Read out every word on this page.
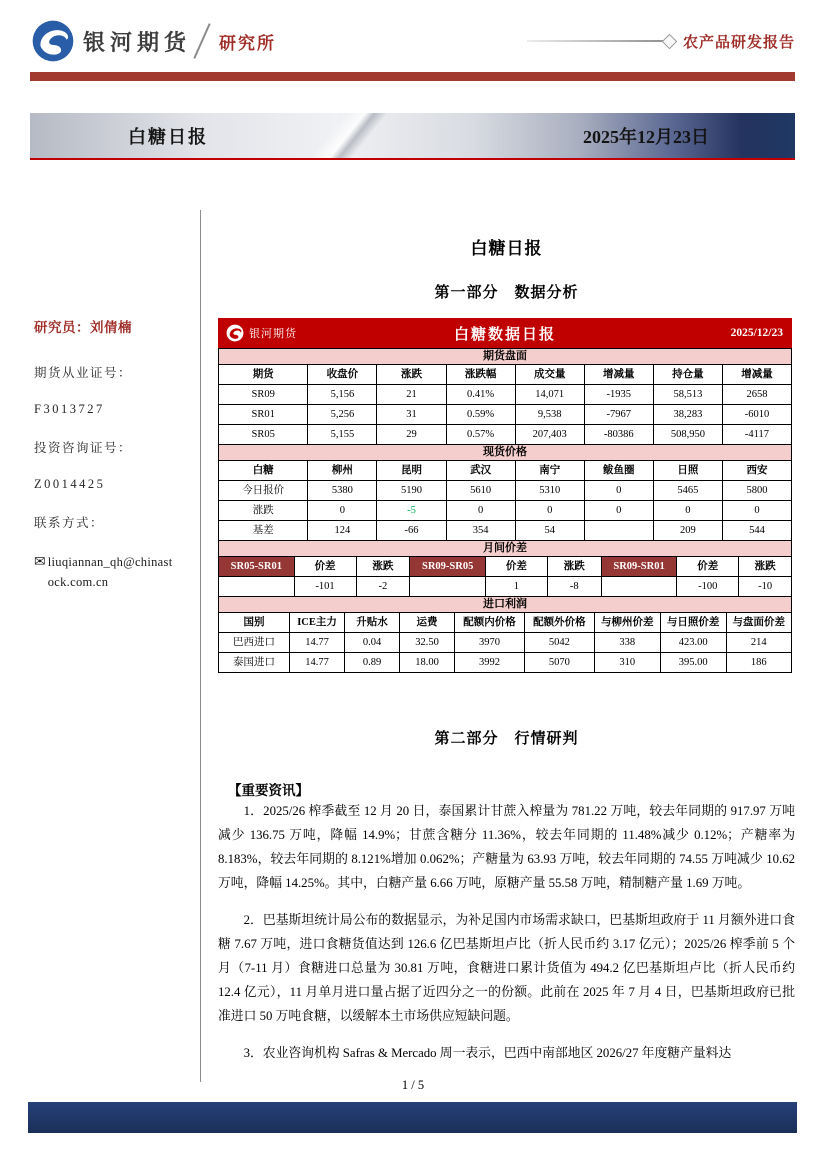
银河期货 研究所	农产品研发报告
白糖日报	2025年12月23日
研究员：刘倩楠
期货从业证号：
F3013727
投资咨询证号：
Z0014425
联系方式：
✉ liuqiannan_qh@chinastock.com.cn
白糖日报
第一部分　数据分析
银河期货	白糖数据日报	2025/12/23
期货盘面							
期货	收盘价	涨跌	涨跌幅	成交量	增减量	持仓量	增减量
SR09	5,156	21	0.41%	14,071	-1935	58,513	2658
SR01	5,256	31	0.59%	9,538	-7967	38,283	-6010
SR05	5,155	29	0.57%	207,403	-80386	508,950	-4117
现货价格							
白糖	柳州	昆明	武汉	南宁	鲅鱼圈	日照	西安
今日报价	5380	5190	5610	5310	0	5465	5800
涨跌	0	-5	0	0	0	0	0
基差	124	-66	354	54		209	544
月间价差								
SR05-SR01	价差	涨跌	SR09-SR05	价差	涨跌	SR09-SR01	价差	涨跌
	-101	-2		1	-8		-100	-10
进口利润								
国别	ICE主力	升贴水	运费	配额内价格	配额外价格	与柳州价差	与日照价差	与盘面价差
巴西进口	14.77	0.04	32.50	3970	5042	338	423.00	214
泰国进口	14.77	0.89	18.00	3992	5070	310	395.00	186
第二部分　行情研判
【重要资讯】

1．2025/26 榨季截至 12 月 20 日，泰国累计甘蔗入榨量为 781.22 万吨，较去年同期的 917.97 万吨减少 136.75 万吨，降幅 14.9%；甘蔗含糖分 11.36%，较去年同期的 11.48%减少 0.12%；产糖率为 8.183%，较去年同期的 8.121%增加 0.062%；产糖量为 63.93 万吨，较去年同期的 74.55 万吨减少 10.62 万吨，降幅 14.25%。其中，白糖产量 6.66 万吨，原糖产量 55.58 万吨，精制糖产量 1.69 万吨。

2．巴基斯坦统计局公布的数据显示，为补足国内市场需求缺口，巴基斯坦政府于 11 月额外进口食糖 7.67 万吨，进口食糖货值达到 126.6 亿巴基斯坦卢比（折人民币约 3.17 亿元）；2025/26 榨季前 5 个月（7-11 月）食糖进口总量为 30.81 万吨，食糖进口累计货值为 494.2 亿巴基斯坦卢比（折人民币约 12.4 亿元），11 月单月进口量占据了近四分之一的份额。此前在 2025 年 7 月 4 日，巴基斯坦政府已批准进口 50 万吨食糖，以缓解本土市场供应短缺问题。

3．农业咨询机构 Safras & Mercado 周一表示，巴西中南部地区 2026/27 年度糖产量料达

1 / 5
